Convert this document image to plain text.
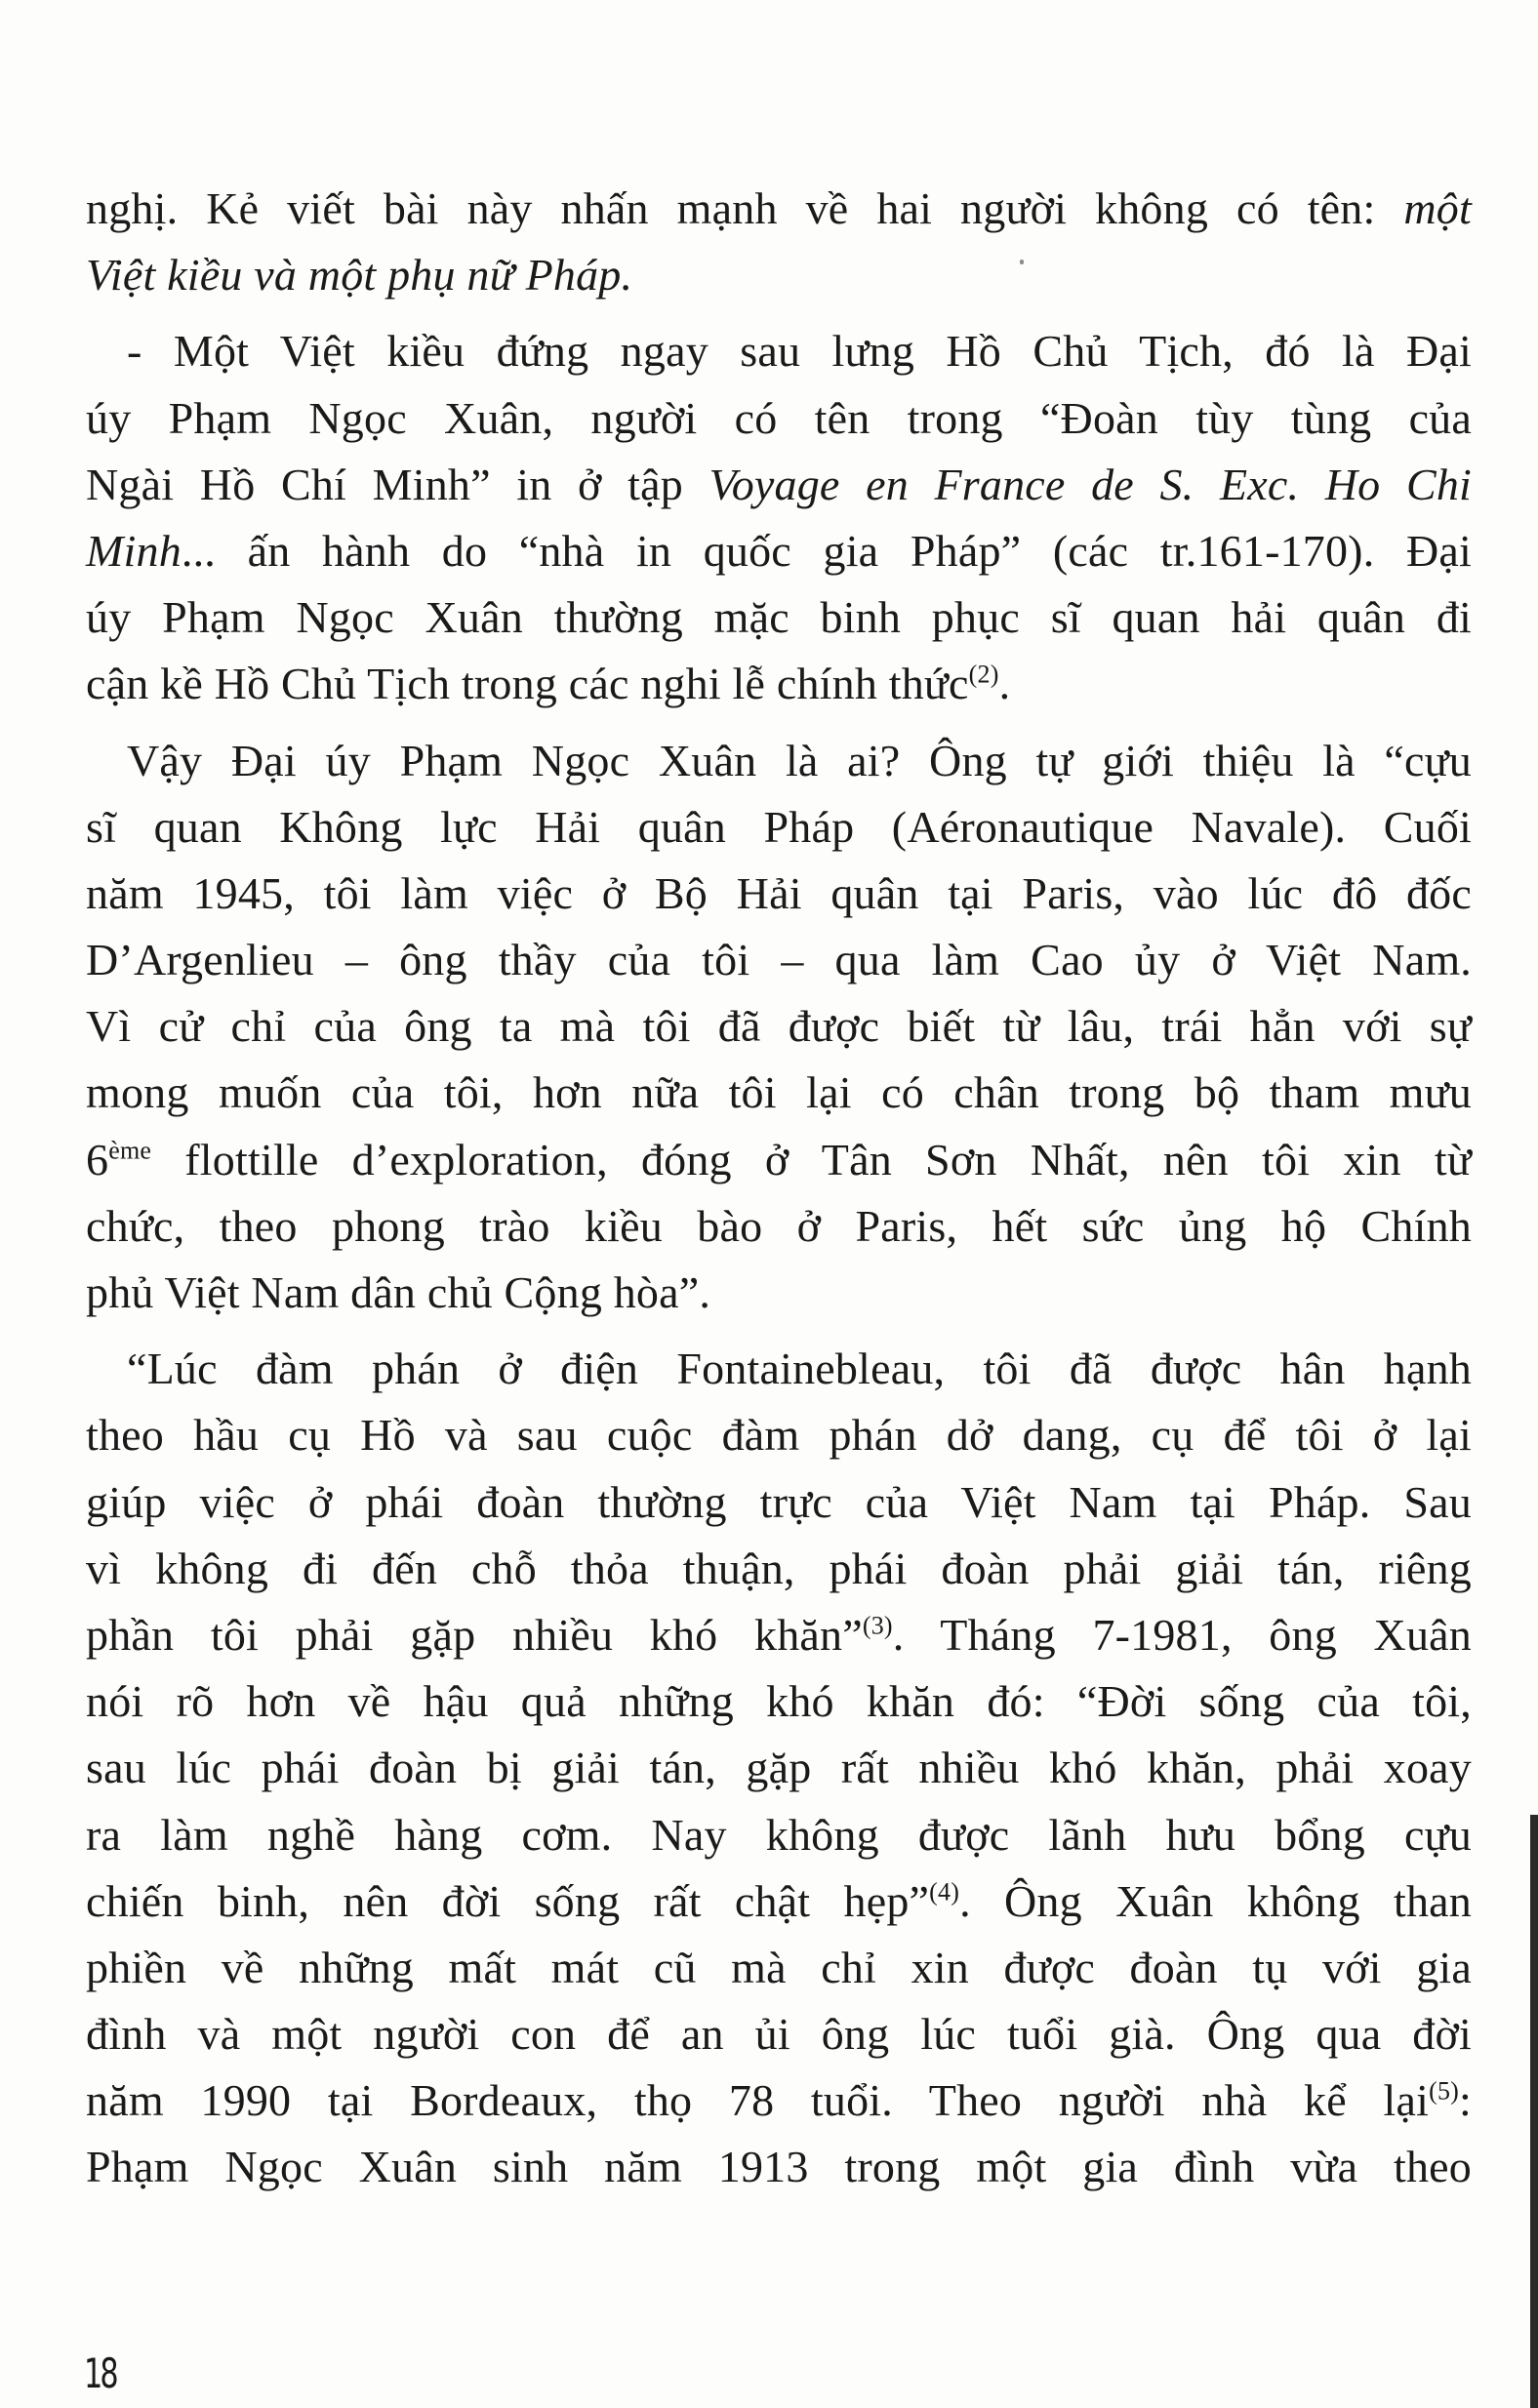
nghị. Kẻ viết bài này nhấn mạnh về hai người không có tên: một
Việt kiều và một phụ nữ Pháp.
- Một Việt kiều đứng ngay sau lưng Hồ Chủ Tịch, đó là Đại
úy Phạm Ngọc Xuân, người có tên trong “Đoàn tùy tùng của
Ngài Hồ Chí Minh” in ở tập Voyage en France de S. Exc. Ho Chi
Minh... ấn hành do “nhà in quốc gia Pháp” (các tr.161-170). Đại
úy Phạm Ngọc Xuân thường mặc binh phục sĩ quan hải quân đi
cận kề Hồ Chủ Tịch trong các nghi lễ chính thức$^{(2)}$.
Vậy Đại úy Phạm Ngọc Xuân là ai? Ông tự giới thiệu là “cựu
sĩ quan Không lực Hải quân Pháp (Aéronautique Navale). Cuối
năm 1945, tôi làm việc ở Bộ Hải quân tại Paris, vào lúc đô đốc
D’Argenlieu – ông thầy của tôi – qua làm Cao ủy ở Việt Nam.
Vì cử chỉ của ông ta mà tôi đã được biết từ lâu, trái hẳn với sự
mong muốn của tôi, hơn nữa tôi lại có chân trong bộ tham mưu
6ème flottille d’exploration, đóng ở Tân Sơn Nhất, nên tôi xin từ
chức, theo phong trào kiều bào ở Paris, hết sức ủng hộ Chính
phủ Việt Nam dân chủ Cộng hòa”.
“Lúc đàm phán ở điện Fontainebleau, tôi đã được hân hạnh
theo hầu cụ Hồ và sau cuộc đàm phán dở dang, cụ để tôi ở lại
giúp việc ở phái đoàn thường trực của Việt Nam tại Pháp. Sau
vì không đi đến chỗ thỏa thuận, phái đoàn phải giải tán, riêng
phần tôi phải gặp nhiều khó khăn”$^{(3)}$. Tháng 7-1981, ông Xuân
nói rõ hơn về hậu quả những khó khăn đó: “Đời sống của tôi,
sau lúc phái đoàn bị giải tán, gặp rất nhiều khó khăn, phải xoay
ra làm nghề hàng cơm. Nay không được lãnh hưu bổng cựu
chiến binh, nên đời sống rất chật hẹp”$^{(4)}$. Ông Xuân không than
phiền về những mất mát cũ mà chỉ xin được đoàn tụ với gia
đình và một người con để an ủi ông lúc tuổi già. Ông qua đời
năm 1990 tại Bordeaux, thọ 78 tuổi. Theo người nhà kể lại$^{(5)}$:
Phạm Ngọc Xuân sinh năm 1913 trong một gia đình vừa theo
18
